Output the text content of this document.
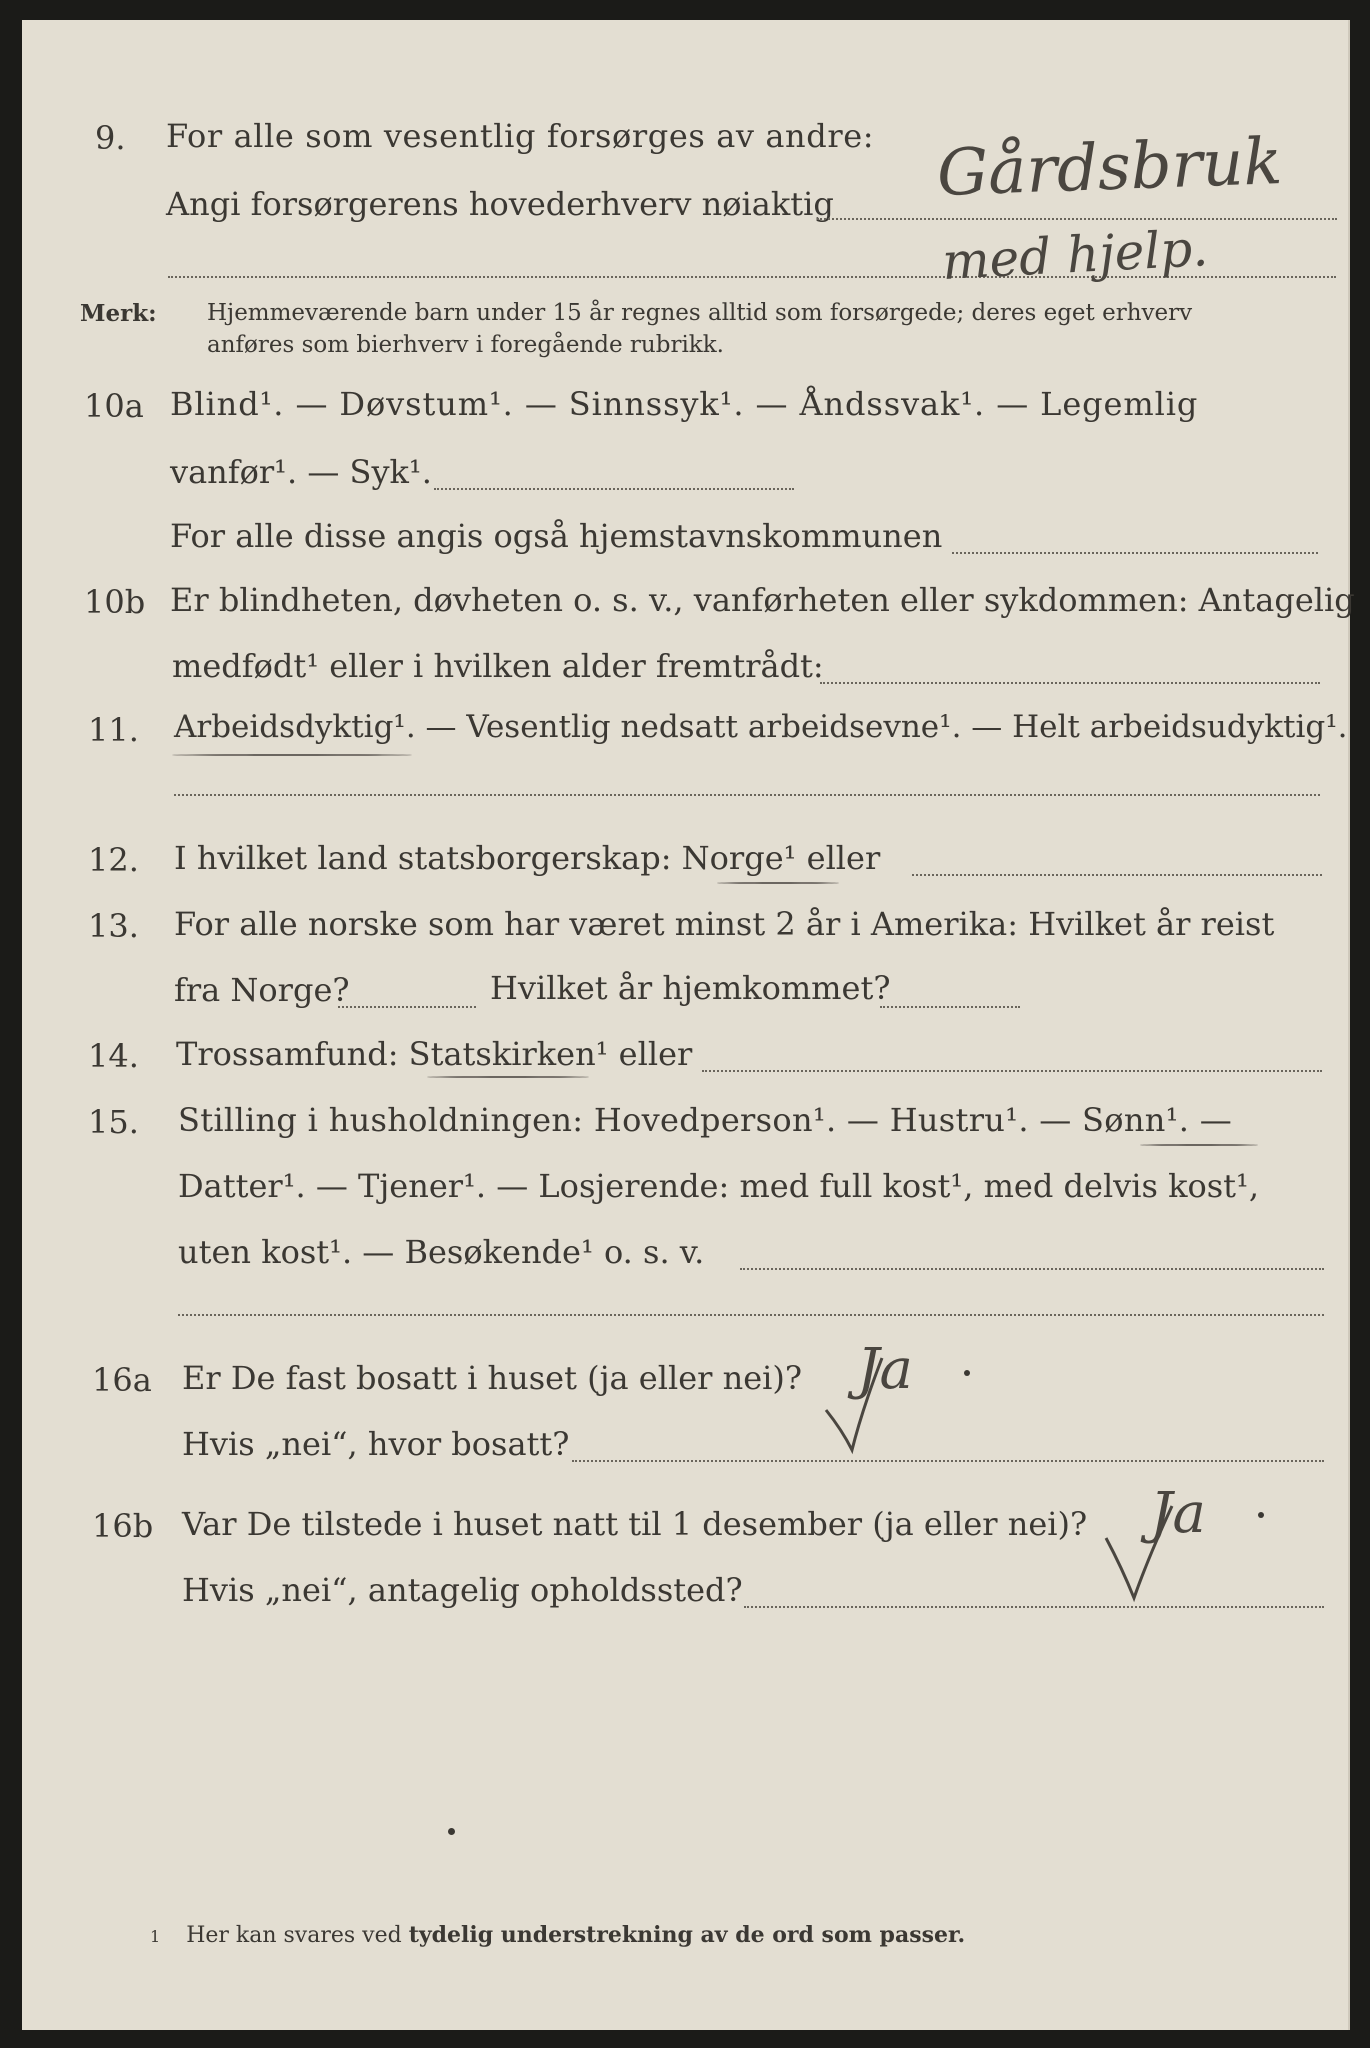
9. For alle som vesentlig forsørges av andre:
Angi forsørgerens hovederhverv nøiaktig Gårdsbruk
med hjelp.
Merk: Hjemmeværende barn under 15 år regnes alltid som forsørgede; deres eget erhverv
anføres som bierhverv i foregående rubrikk.
10a Blind¹. — Døvstum¹. — Sinnssyk¹. — Åndssvak¹. — Legemlig
vanfør¹. — Syk¹.
For alle disse angis også hjemstavnskommunen
10b Er blindheten, døvheten o. s. v., vanførheten eller sykdommen: Antagelig
medfødt¹ eller i hvilken alder fremtrådt:
11. Arbeidsdyktig¹. — Vesentlig nedsatt arbeidsevne¹. — Helt arbeidsudyktig¹.
12. I hvilket land statsborgerskap: Norge¹ eller
13. For alle norske som har været minst 2 år i Amerika: Hvilket år reist
fra Norge?	Hvilket år hjemkommet?
14. Trossamfund: Statskirken¹ eller
15. Stilling i husholdningen: Hovedperson¹. — Hustru¹. — Sønn¹. —
Datter¹. — Tjener¹. — Losjerende: med full kost¹, med delvis kost¹,
uten kost¹. — Besøkende¹ o. s. v.
16a Er De fast bosatt i huset (ja eller nei)?
Hvis „nei“, hvor bosatt?
Ja
16b Var De tilstede i huset natt til 1 desember (ja eller nei)?
Hvis „nei“, antagelig opholdssted?
Ja
1 Her kan svares ved tydelig understrekning av de ord som passer.
